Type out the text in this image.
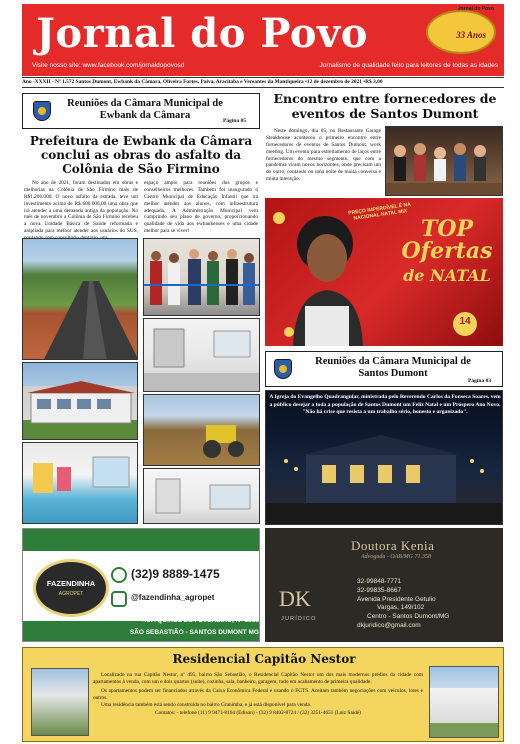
Jornal do Povo
Visite nosso site: www.facebook.com/jornaldopovosd	Jornalismo de qualidade feito para leitores de todas as idades
Jornal do Povo
33 Anos
Ano -XXXII - Nº 1.572 Santos Dumont, Ewbank da Câmara, Oliveira Fortes, Paiva, Aracitaba e Vereantes da Mantiqueira •12 de dezembro de 2021 •R$ 3,00
Reuniões da Câmara Municipal de Ewbank da Câmara
Página 05
Prefeitura de Ewbank da Câmara conclui as obras do asfalto da Colônia de São Firmino
No ano de 2021, foram destinados em obras e melhorias na Colônia de São Firmino mais de R$1.200.000. O novo asfalto da estrada, teve um investimento acima de R$ 600.000,00 uma obra que irá atender a uma demanda antiga da população. No mês de novembro a Colônia de São Firmino recebeu a nova Unidade Básica de Saúde reformada e ampliada para melhor atender aos usuários do SUS,
espaço amplo para reuniões dos grupos e conselheiros melhores. Também foi inaugurado o Centro Municipal de Educação Infantil que irá melhor atender aos alunos, com infraestrutura adequada. A Administração Municipal vem cumprindo seu plano de governo, proporcionando qualidade de vida aos ewbankenses e uma cidade melhor para se viver!
Encontro entre fornecedores de eventos de Santos Dumont
Neste domingo, dia 05, no Restaurante Garage Steakhouse aconteceu o primeiro encontro entre fornecedores de eventos de Santos Dumont, work meeting. Um evento para estreitamento de laços entre fornecedores do mesmo segmento, que com a pandemia viram novos horizontes, onde precisam um do outro, contando ou uma noite de muita conversa e muita interação.
PREÇO IMPERDÍVEL É NA NACIONAL NATAL MIX
TOP
Ofertas
de NATAL
14
Reuniões da Câmara Municipal de Santos Dumont
Página 03
A Igreja do Evangelho Quadrangular, ministrada pelo Reverendo Carlos da Fonseca Soares, vem a público desejar a toda a população de Santos Dumont um Feliz Natal e um Próspero Ano Novo. "Não há crise que resista a um trabalho sério, honesto e organizado".
FAZENDINHA
AGROPET
(32)9 8889-1475
@fazendinha_agropet
RUA QUINZE DE FEVEREIRO, Nº 1585
SÃO SEBASTIÃO - SANTOS DUMONT MG
Doutora Kenia
Advogada - OAB/MG 71.358
DK
JURÍDICO
32-99848-7771
32-99835-8667
Avenida Presidente Getulio
Vargas, 149/102
Centro - Santos Dumont/MG
dkjuridico@gmail.com
Residencial Capitão Nestor
Localizado na rua Capitão Nestor, nº 495, bairro São Sebastião, o Residencial Capitão Nestor um dos mais modernos prédios da cidade com apartamentos à venda, com um e dois quartos (suíte), cozinha, sala, banheiro, garagem, tudo em acabamento de primeira qualidade.
Os apartamentos podem ser financiados através da Caixa Econômica Federal e usando o FGTS. Aceitam também negociações com veículos, lotes e outros.
Uma residência também está sendo construída no bairro Granimba, e já está disponível para venda.
Contatos: - telefone (11) 9 9471-8164 (Edison) - (32) 9 8402-8724 / (32) 3251-4651 (Luiz Saidé)
